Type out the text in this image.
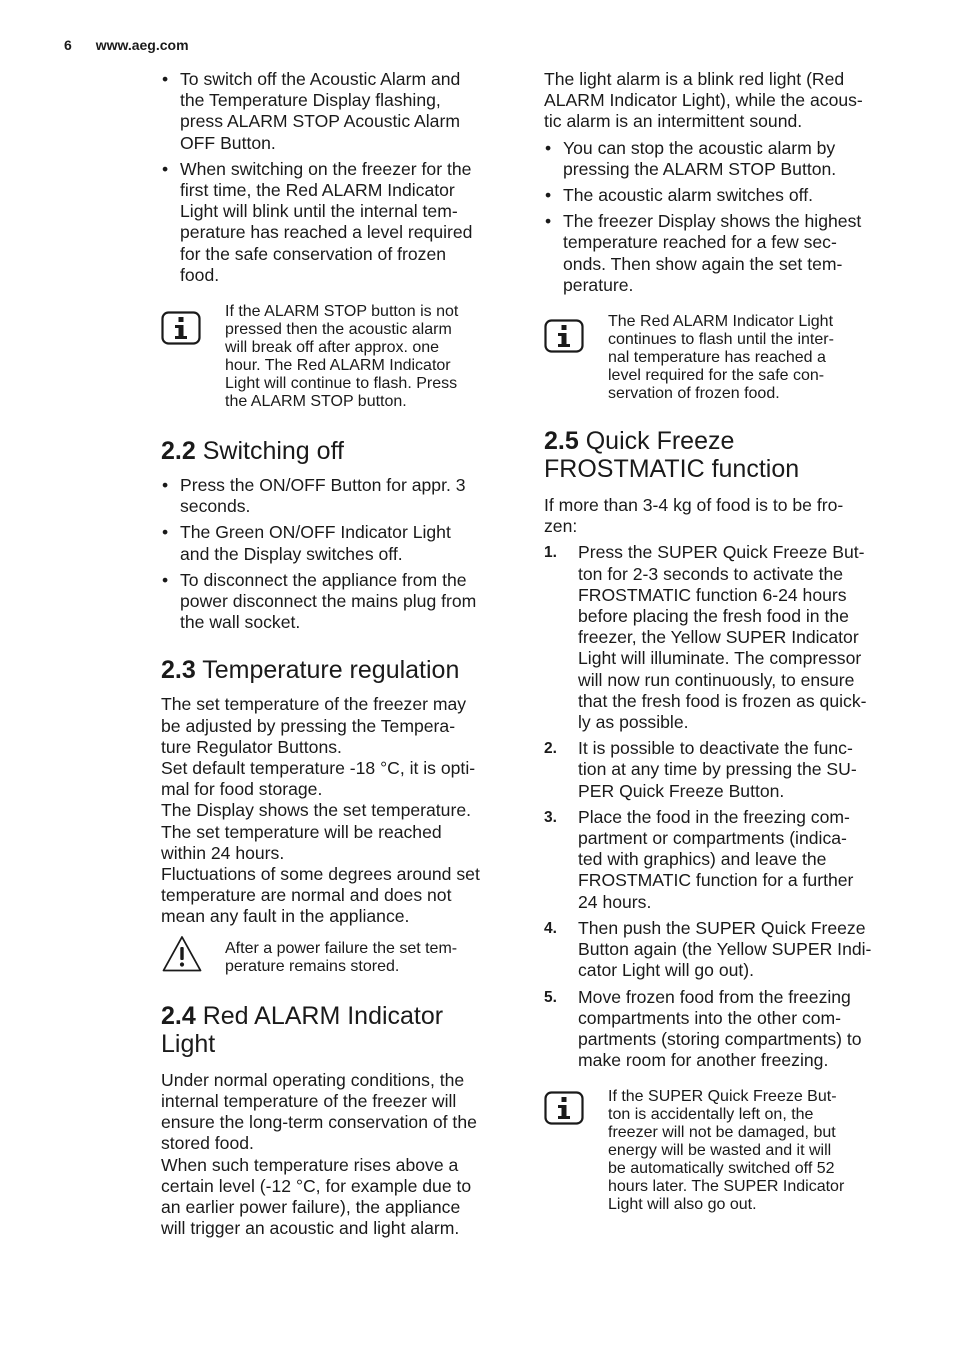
6 www.aeg.com
• To switch off the Acoustic Alarm and
the Temperature Display flashing,
press ALARM STOP Acoustic Alarm
OFF Button.
• When switching on the freezer for the
first time, the Red ALARM Indicator
Light will blink until the internal tem-
perature has reached a level required
for the safe conservation of frozen
food.
If the ALARM STOP button is not
pressed then the acoustic alarm
will break off after approx. one
hour. The Red ALARM Indicator
Light will continue to flash. Press
the ALARM STOP button.
2.2 Switching off
• Press the ON/OFF Button for appr. 3
seconds.
• The Green ON/OFF Indicator Light
and the Display switches off.
• To disconnect the appliance from the
power disconnect the mains plug from
the wall socket.
2.3 Temperature regulation

The set temperature of the freezer may
be adjusted by pressing the Tempera-
ture Regulator Buttons.
Set default temperature -18 °C, it is opti-
mal for food storage.
The Display shows the set temperature.
The set temperature will be reached
within 24 hours.
Fluctuations of some degrees around set
temperature are normal and does not
mean any fault in the appliance.

After a power failure the set tem-
perature remains stored.
2.4 Red ALARM Indicator
Light

Under normal operating conditions, the
internal temperature of the freezer will
ensure the long-term conservation of the
stored food.
When such temperature rises above a
certain level (-12 °C, for example due to
an earlier power failure), the appliance
will trigger an acoustic and light alarm.

The light alarm is a blink red light (Red
ALARM Indicator Light), while the acous-
tic alarm is an intermittent sound.

• You can stop the acoustic alarm by
pressing the ALARM STOP Button.
• The acoustic alarm switches off.
• The freezer Display shows the highest
temperature reached for a few sec-
onds. Then show again the set tem-
perature.
The Red ALARM Indicator Light
continues to flash until the inter-
nal temperature has reached a
level required for the safe con-
servation of frozen food.
2.5 Quick Freeze
FROSTMATIC function

If more than 3-4 kg of food is to be fro-
zen:

1. Press the SUPER Quick Freeze But-
ton for 2-3 seconds to activate the
FROSTMATIC function 6-24 hours
before placing the fresh food in the
freezer, the Yellow SUPER Indicator
Light will illuminate. The compressor
will now run continuously, to ensure
that the fresh food is frozen as quick-
ly as possible.
2. It is possible to deactivate the func-
tion at any time by pressing the SU-
PER Quick Freeze Button.
3. Place the food in the freezing com-
partment or compartments (indica-
ted with graphics) and leave the
FROSTMATIC function for a further
24 hours.
4. Then push the SUPER Quick Freeze
Button again (the Yellow SUPER Indi-
cator Light will go out).
5. Move frozen food from the freezing
compartments into the other com-
partments (storing compartments) to
make room for another freezing.
If the SUPER Quick Freeze But-
ton is accidentally left on, the
freezer will not be damaged, but
energy will be wasted and it will
be automatically switched off 52
hours later. The SUPER Indicator
Light will also go out.
